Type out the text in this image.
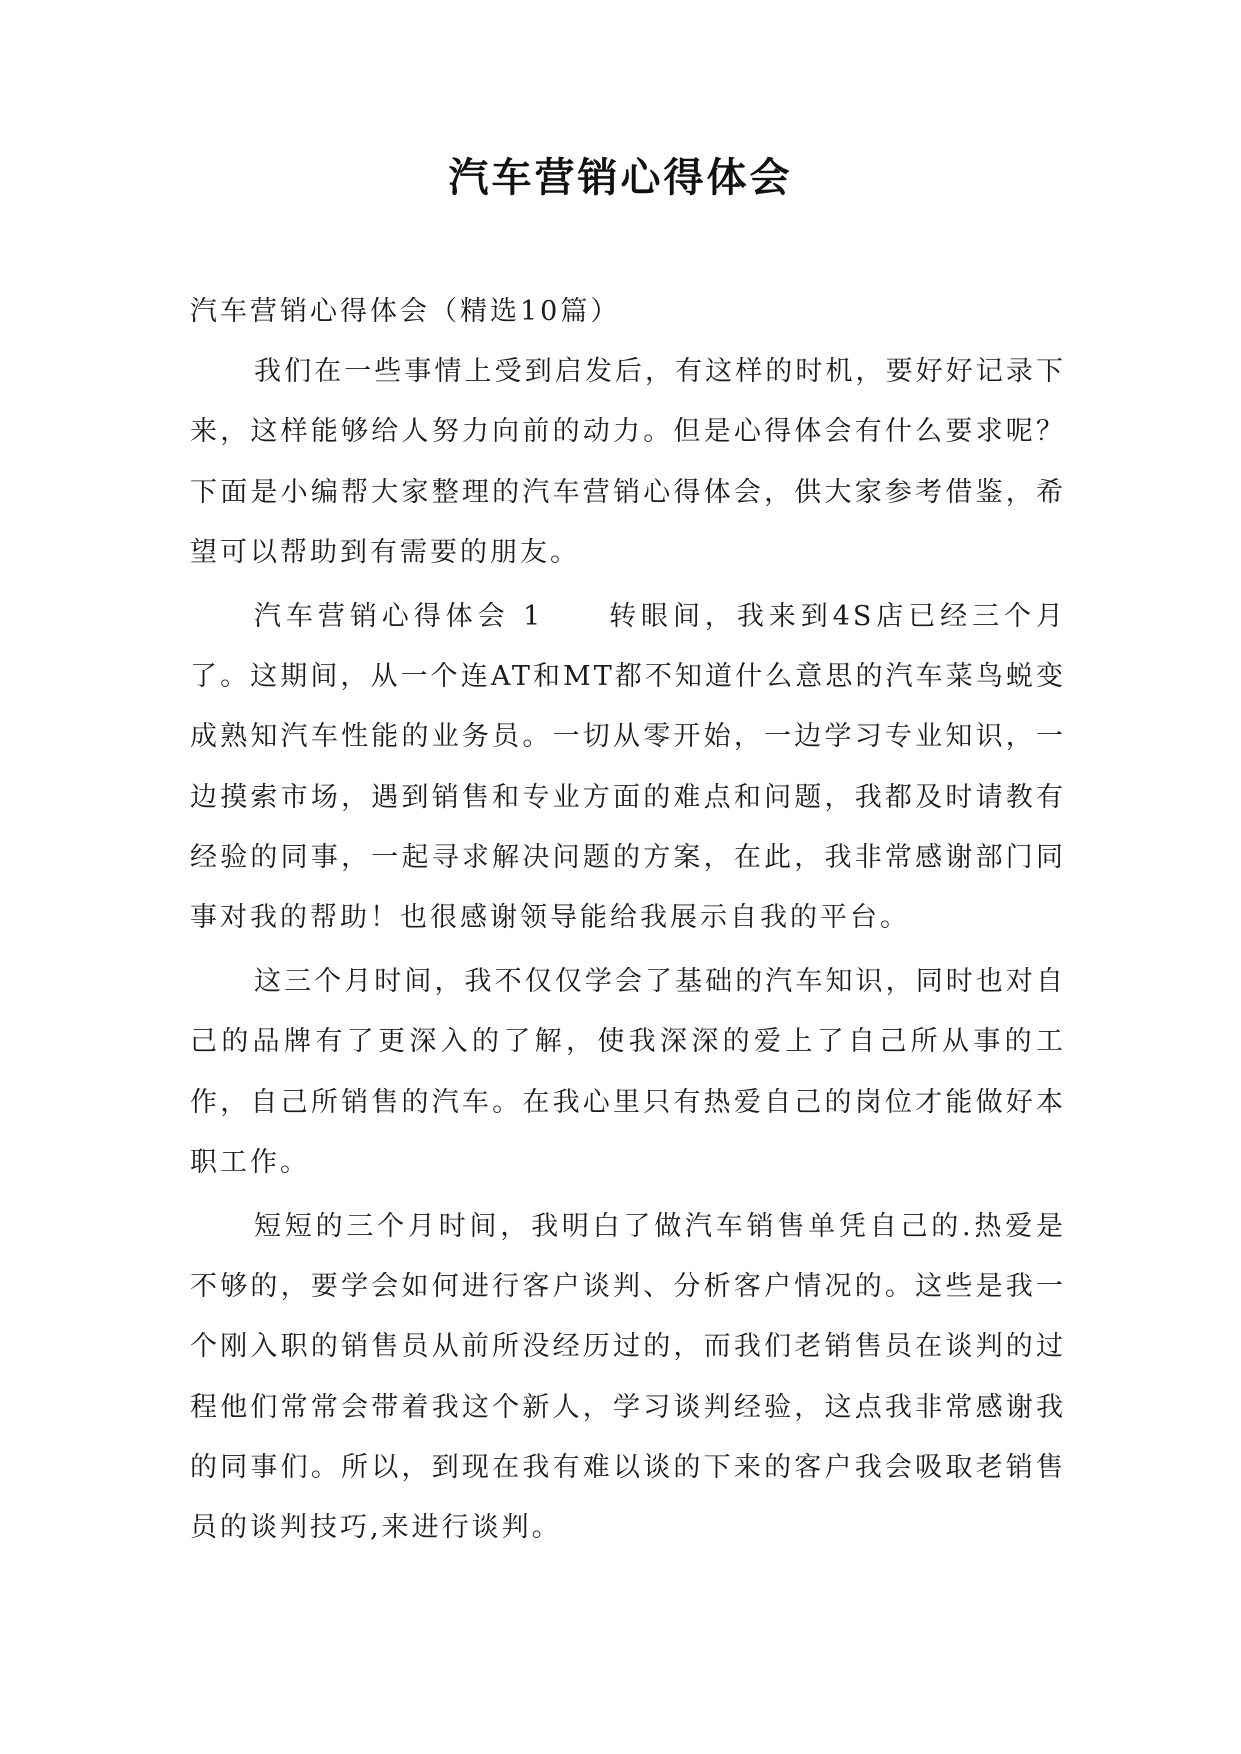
汽车营销心得体会

汽车营销心得体会（精选10篇）

我们在一些事情上受到启发后，有这样的时机，要好好记录下来，这样能够给人努力向前的动力。但是心得体会有什么要求呢？下面是小编帮大家整理的汽车营销心得体会，供大家参考借鉴，希望可以帮助到有需要的朋友。

汽车营销心得体会 1　　转眼间，我来到4S店已经三个月了。这期间，从一个连AT和MT都不知道什么意思的汽车菜鸟蜕变成熟知汽车性能的业务员。一切从零开始，一边学习专业知识，一边摸索市场，遇到销售和专业方面的难点和问题，我都及时请教有经验的同事，一起寻求解决问题的方案，在此，我非常感谢部门同事对我的帮助！也很感谢领导能给我展示自我的平台。

这三个月时间，我不仅仅学会了基础的汽车知识，同时也对自己的品牌有了更深入的了解，使我深深的爱上了自己所从事的工作，自己所销售的汽车。在我心里只有热爱自己的岗位才能做好本职工作。

短短的三个月时间，我明白了做汽车销售单凭自己的.热爱是不够的，要学会如何进行客户谈判、分析客户情况的。这些是我一个刚入职的销售员从前所没经历过的，而我们老销售员在谈判的过程他们常常会带着我这个新人，学习谈判经验，这点我非常感谢我的同事们。所以，到现在我有难以谈的下来的客户我会吸取老销售员的谈判技巧,来进行谈判。
